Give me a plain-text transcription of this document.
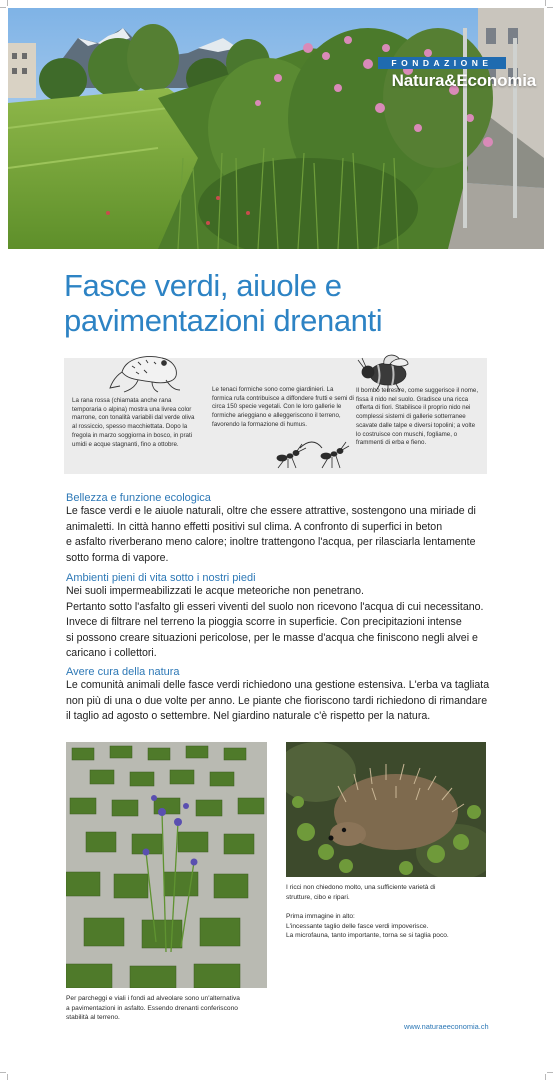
FONDAZIONE
Natura&Economia
Fasce verdi, aiuole e
pavimentazioni drenanti
La rana rossa (chiamata anche rana temporaria o alpina) mostra una livrea color marrone, con tonalità variabili dal verde oliva al rossiccio, spesso macchiettata. Dopo la fregola in marzo soggiorna in bosco, in prati umidi e acque stagnanti, fino a ottobre.
Le tenaci formiche sono come giardinieri. La formica rufa contribuisce a diffondere frutti e semi di circa 150 specie vegetali. Con le loro gallerie le formiche arieggiano e alleggeriscono il terreno, favorendo la formazione di humus.
Il bombo terrestre, come suggerisce il nome, fissa il nido nel suolo. Gradisce una ricca offerta di fiori. Stabilisce il proprio nido nei complessi sistemi di gallerie sotterranee scavate dalle talpe e diversi topolini; a volte lo costruisce con muschi, fogliame, o frammenti di erba e fieno.
Bellezza e funzione ecologica
Le fasce verdi e le aiuole naturali, oltre che essere attrattive, sostengono una miriade di
animaletti. In città hanno effetti positivi sul clima. A confronto di superfici in beton
e asfalto riverberano meno calore; inoltre trattengono l'acqua, per rilasciarla lentamente
sotto forma di vapore.
Ambienti pieni di vita sotto i nostri piedi
Nei suoli impermeabilizzati le acque meteoriche non penetrano.
Pertanto sotto l'asfalto gli esseri viventi del suolo non ricevono l'acqua di cui necessitano.
Invece di filtrare nel terreno la pioggia scorre in superficie. Con precipitazioni intense
si possono creare situazioni pericolose, per le masse d'acqua che finiscono negli alvei e
caricano i collettori.
Avere cura della natura
Le comunità animali delle fasce verdi richiedono una gestione estensiva. L'erba va tagliata
non più di una o due volte per anno. Le piante che fioriscono tardi richiedono di rimandare
il taglio ad agosto o settembre. Nel giardino naturale c'è rispetto per la natura.
Per parcheggi e viali i fondi ad alveolare sono un'alternativa
a pavimentazioni in asfalto. Essendo drenanti conferiscono
stabilità al terreno.
I ricci non chiedono molto, una sufficiente varietà di
strutture, cibo e ripari.
Prima immagine in alto:
L'incessante taglio delle fasce verdi impoverisce.
La microfauna, tanto importante, torna se si taglia poco.
www.naturaeeconomia.ch
